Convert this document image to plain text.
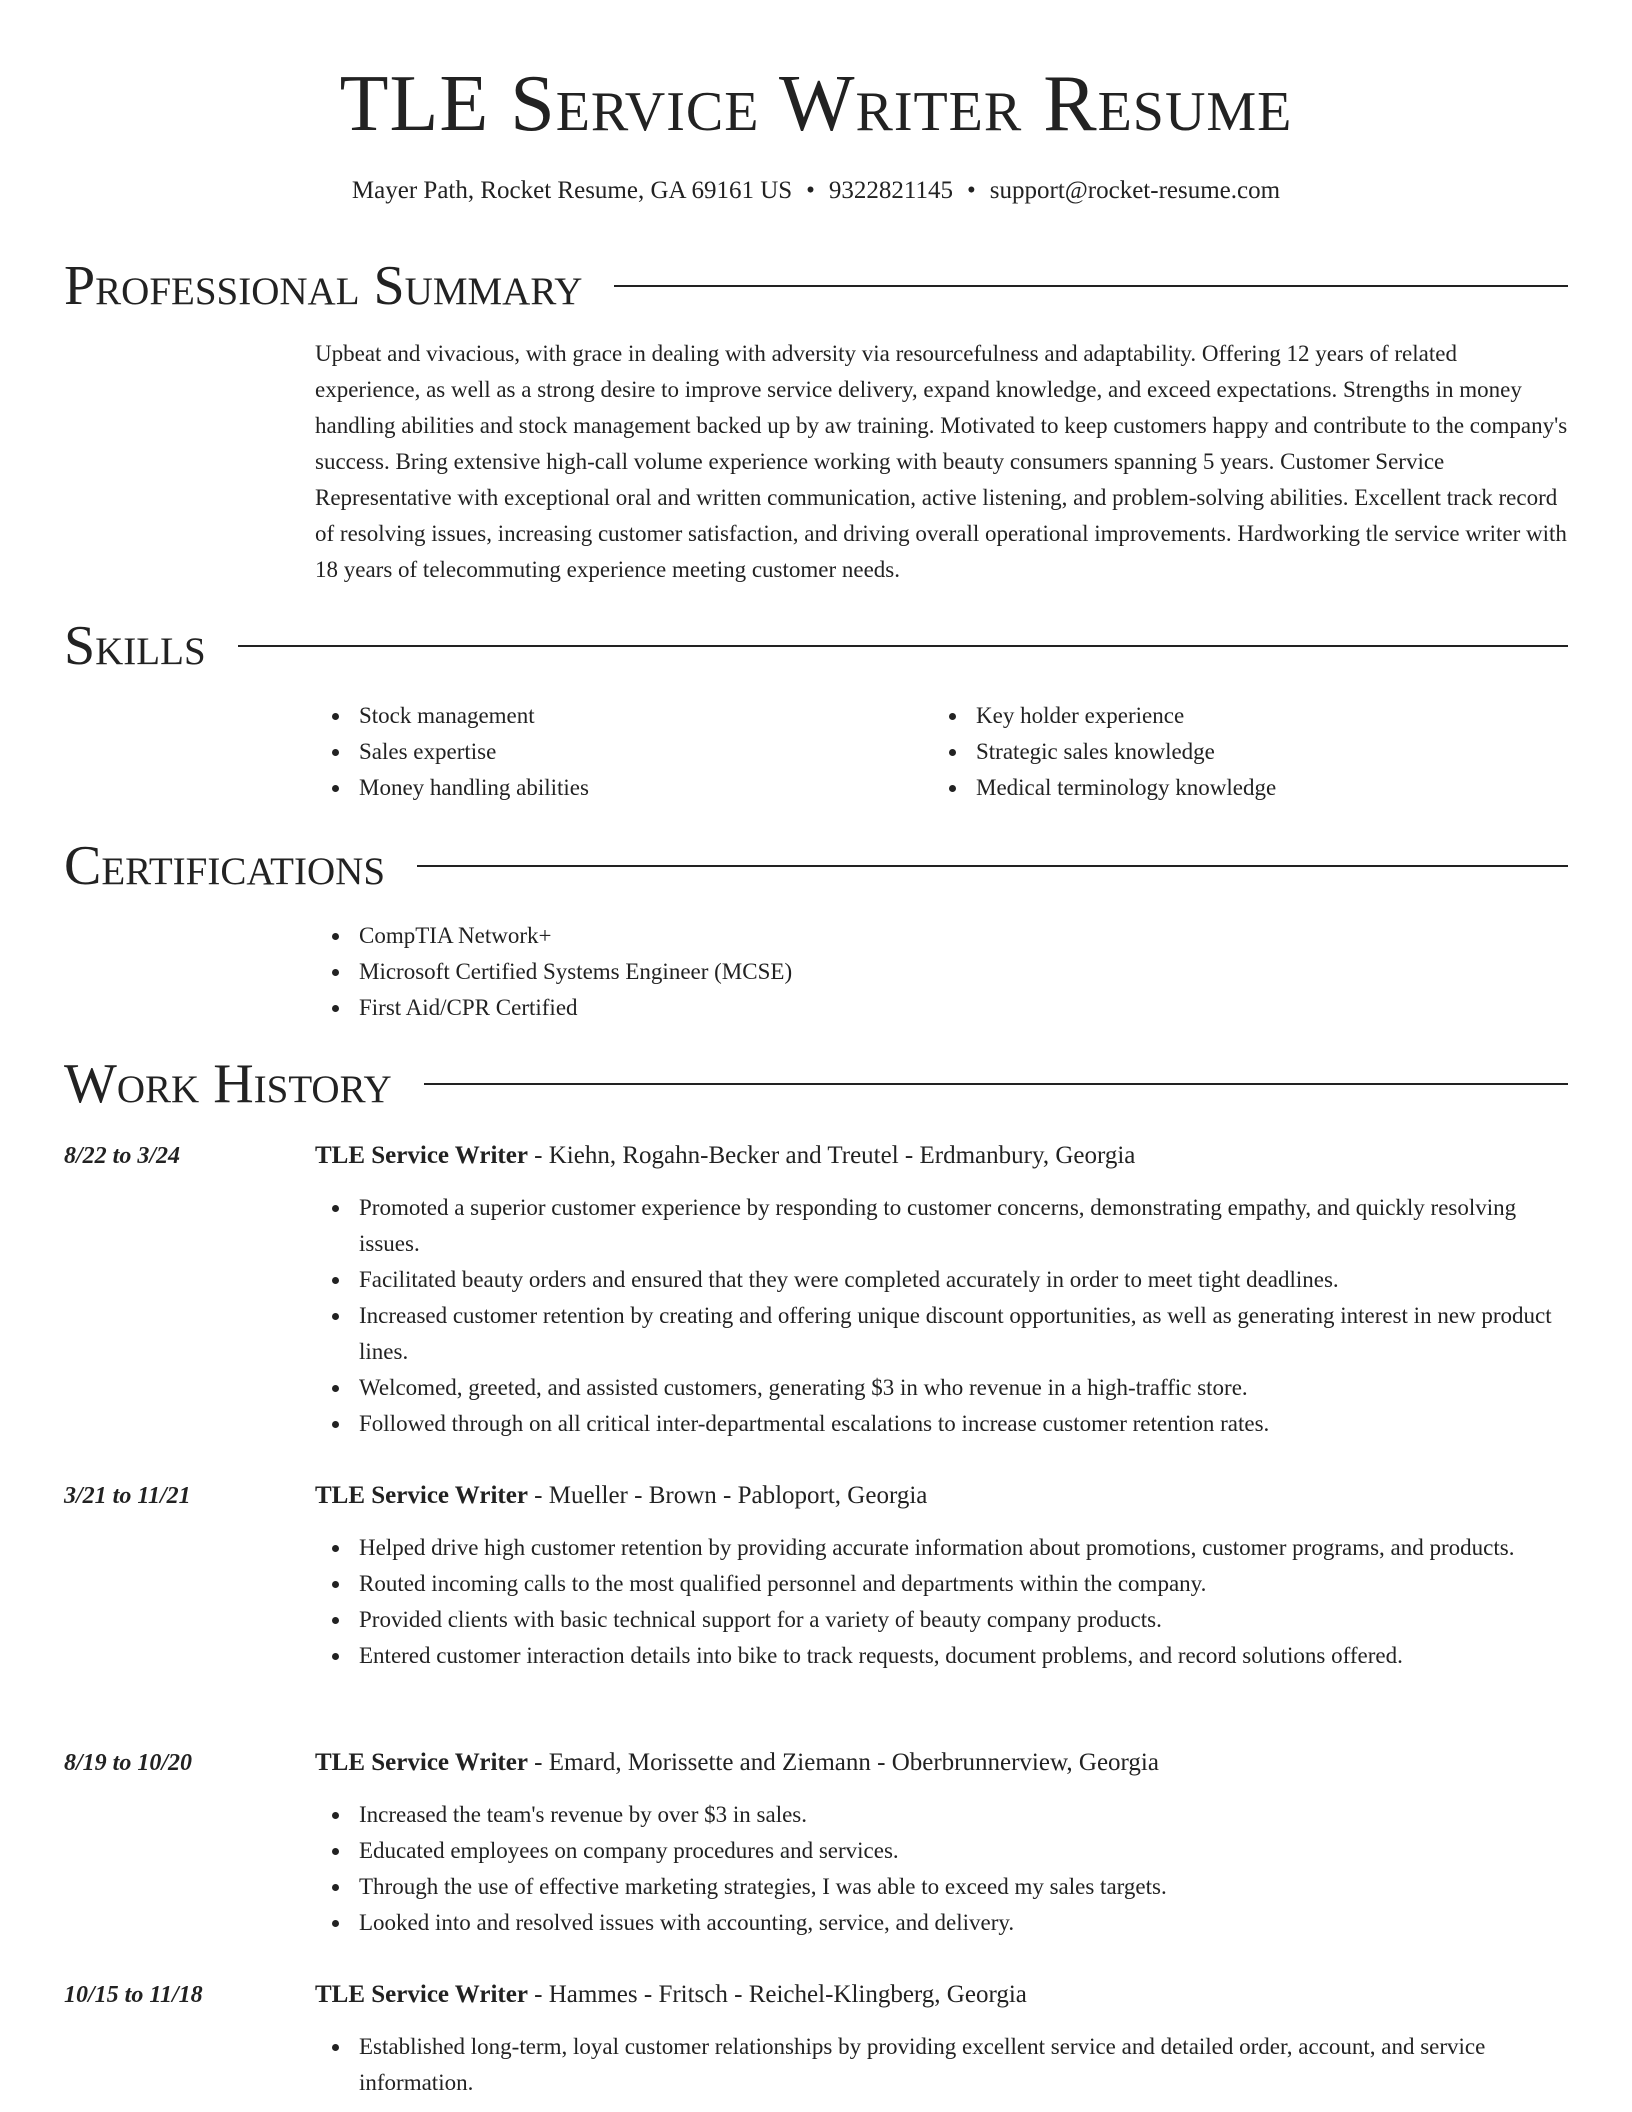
TLE Service Writer Resume
Mayer Path, Rocket Resume, GA 69161 US • 9322821145 • support@rocket-resume.com
Professional Summary

Upbeat and vivacious, with grace in dealing with adversity via resourcefulness and adaptability. Offering 12 years of related experience, as well as a strong desire to improve service delivery, expand knowledge, and exceed expectations. Strengths in money handling abilities and stock management backed up by aw training. Motivated to keep customers happy and contribute to the company's success. Bring extensive high-call volume experience working with beauty consumers spanning 5 years. Customer Service Representative with exceptional oral and written communication, active listening, and problem-solving abilities. Excellent track record of resolving issues, increasing customer satisfaction, and driving overall operational improvements. Hardworking tle service writer with 18 years of telecommuting experience meeting customer needs.

Skills
Stock management
Sales expertise
Money handling abilities
Key holder experience
Strategic sales knowledge
Medical terminology knowledge
Certifications
CompTIA Network+
Microsoft Certified Systems Engineer (MCSE)
First Aid/CPR Certified
Work History
8/22 to 3/24	TLE Service Writer - Kiehn, Rogahn-Becker and Treutel - Erdmanbury, Georgia
Promoted a superior customer experience by responding to customer concerns, demonstrating empathy, and quickly resolving issues.
Facilitated beauty orders and ensured that they were completed accurately in order to meet tight deadlines.
Increased customer retention by creating and offering unique discount opportunities, as well as generating interest in new product lines.
Welcomed, greeted, and assisted customers, generating $3 in who revenue in a high-traffic store.
Followed through on all critical inter-departmental escalations to increase customer retention rates.
3/21 to 11/21	TLE Service Writer - Mueller - Brown - Pabloport, Georgia
Helped drive high customer retention by providing accurate information about promotions, customer programs, and products.
Routed incoming calls to the most qualified personnel and departments within the company.
Provided clients with basic technical support for a variety of beauty company products.
Entered customer interaction details into bike to track requests, document problems, and record solutions offered.
8/19 to 10/20	TLE Service Writer - Emard, Morissette and Ziemann - Oberbrunnerview, Georgia
Increased the team's revenue by over $3 in sales.
Educated employees on company procedures and services.
Through the use of effective marketing strategies, I was able to exceed my sales targets.
Looked into and resolved issues with accounting, service, and delivery.
10/15 to 11/18	TLE Service Writer - Hammes - Fritsch - Reichel-Klingberg, Georgia
Established long-term, loyal customer relationships by providing excellent service and detailed order, account, and service information.
